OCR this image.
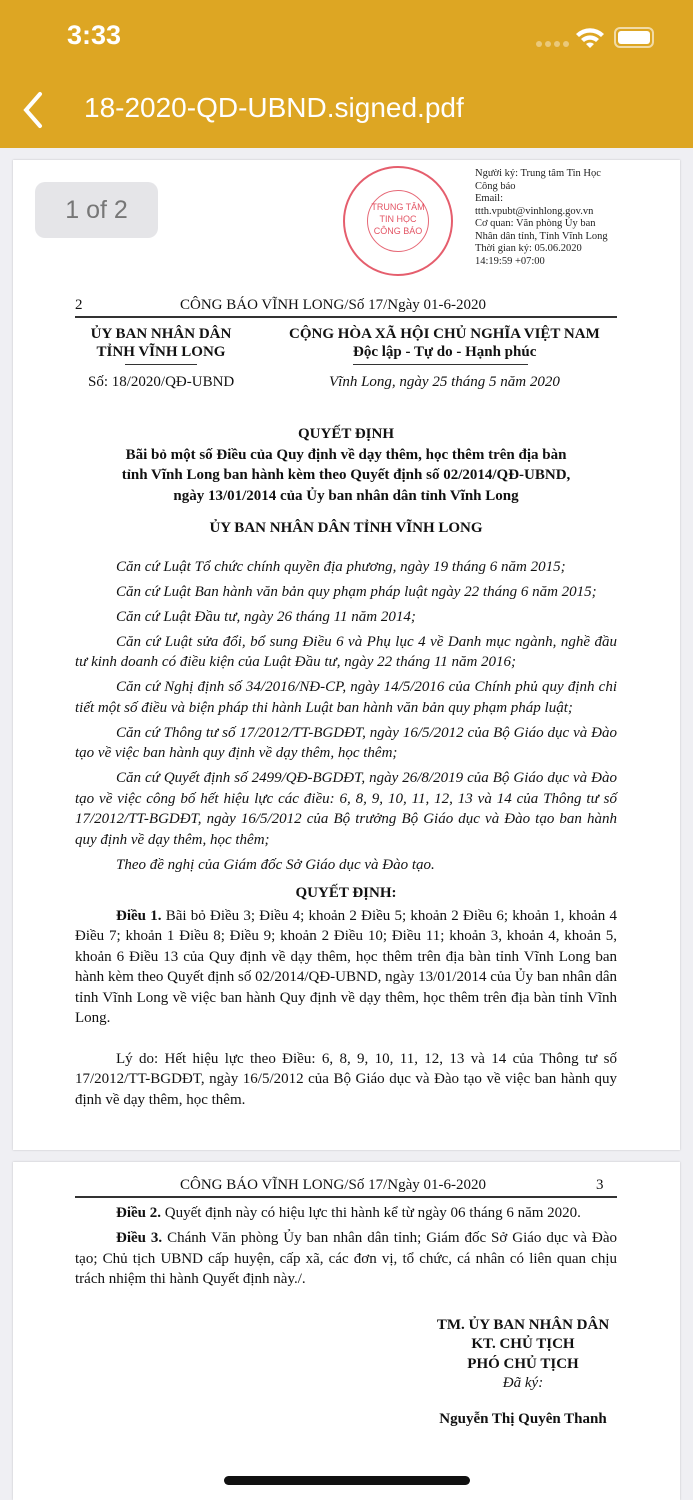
3:33
18-2020-QD-UBND.signed.pdf
TRUNG TÂM
TIN HỌC
CÔNG BÁO
Người ký: Trung tâm Tin Học
Công báo
Email:
ttth.vpubt@vinhlong.gov.vn
Cơ quan: Văn phòng Ủy ban
Nhân dân tỉnh, Tỉnh Vĩnh Long
Thời gian ký: 05.06.2020
14:19:59 +07:00
2	CÔNG BÁO VĨNH LONG/Số 17/Ngày 01-6-2020
ỦY BAN NHÂN DÂN
TỈNH VĨNH LONG
CỘNG HÒA XÃ HỘI CHỦ NGHĨA VIỆT NAM
Độc lập - Tự do - Hạnh phúc
Số: 18/2020/QĐ-UBND	Vĩnh Long, ngày 25 tháng 5 năm 2020
QUYẾT ĐỊNH
Bãi bỏ một số Điều của Quy định về dạy thêm, học thêm trên địa bàn
tỉnh Vĩnh Long ban hành kèm theo Quyết định số 02/2014/QĐ-UBND,
ngày 13/01/2014 của Ủy ban nhân dân tỉnh Vĩnh Long
ỦY BAN NHÂN DÂN TỈNH VĨNH LONG
Căn cứ Luật Tổ chức chính quyền địa phương, ngày 19 tháng 6 năm 2015;
Căn cứ Luật Ban hành văn bản quy phạm pháp luật ngày 22 tháng 6 năm 2015;
Căn cứ Luật Đầu tư, ngày 26 tháng 11 năm 2014;
Căn cứ Luật sửa đổi, bổ sung Điều 6 và Phụ lục 4 về Danh mục ngành, nghề đầu tư kinh doanh có điều kiện của Luật Đầu tư, ngày 22 tháng 11 năm 2016;
Căn cứ Nghị định số 34/2016/NĐ-CP, ngày 14/5/2016 của Chính phủ quy định chi tiết một số điều và biện pháp thi hành Luật ban hành văn bản quy phạm pháp luật;
Căn cứ Thông tư số 17/2012/TT-BGDĐT, ngày 16/5/2012 của Bộ Giáo dục và Đào tạo về việc ban hành quy định về dạy thêm, học thêm;
Căn cứ Quyết định số 2499/QĐ-BGDĐT, ngày 26/8/2019 của Bộ Giáo dục và Đào tạo về việc công bố hết hiệu lực các điều: 6, 8, 9, 10, 11, 12, 13 và 14 của Thông tư số 17/2012/TT-BGDĐT, ngày 16/5/2012 của Bộ trưởng Bộ Giáo dục và Đào tạo ban hành quy định về dạy thêm, học thêm;
Theo đề nghị của Giám đốc Sở Giáo dục và Đào tạo.
QUYẾT ĐỊNH:
Điều 1. Bãi bỏ Điều 3; Điều 4; khoản 2 Điều 5; khoản 2 Điều 6; khoản 1, khoản 4 Điều 7; khoản 1 Điều 8; Điều 9; khoản 2 Điều 10; Điều 11; khoản 3, khoản 4, khoản 5, khoản 6 Điều 13 của Quy định về dạy thêm, học thêm trên địa bàn tỉnh Vĩnh Long ban hành kèm theo Quyết định số 02/2014/QĐ-UBND, ngày 13/01/2014 của Ủy ban nhân dân tỉnh Vĩnh Long về việc ban hành Quy định về dạy thêm, học thêm trên địa bàn tỉnh Vĩnh Long.
Lý do: Hết hiệu lực theo Điều: 6, 8, 9, 10, 11, 12, 13 và 14 của Thông tư số 17/2012/TT-BGDĐT, ngày 16/5/2012 của Bộ Giáo dục và Đào tạo về việc ban hành quy định về dạy thêm, học thêm.
1 of 2
CÔNG BÁO VĨNH LONG/Số 17/Ngày 01-6-2020	3
Điều 2. Quyết định này có hiệu lực thi hành kể từ ngày 06 tháng 6 năm 2020.
Điều 3. Chánh Văn phòng Ủy ban nhân dân tỉnh; Giám đốc Sở Giáo dục và Đào tạo; Chủ tịch UBND cấp huyện, cấp xã, các đơn vị, tổ chức, cá nhân có liên quan chịu trách nhiệm thi hành Quyết định này./.
TM. ỦY BAN NHÂN DÂN
KT. CHỦ TỊCH
PHÓ CHỦ TỊCH
Đã ký:
Nguyễn Thị Quyên Thanh
